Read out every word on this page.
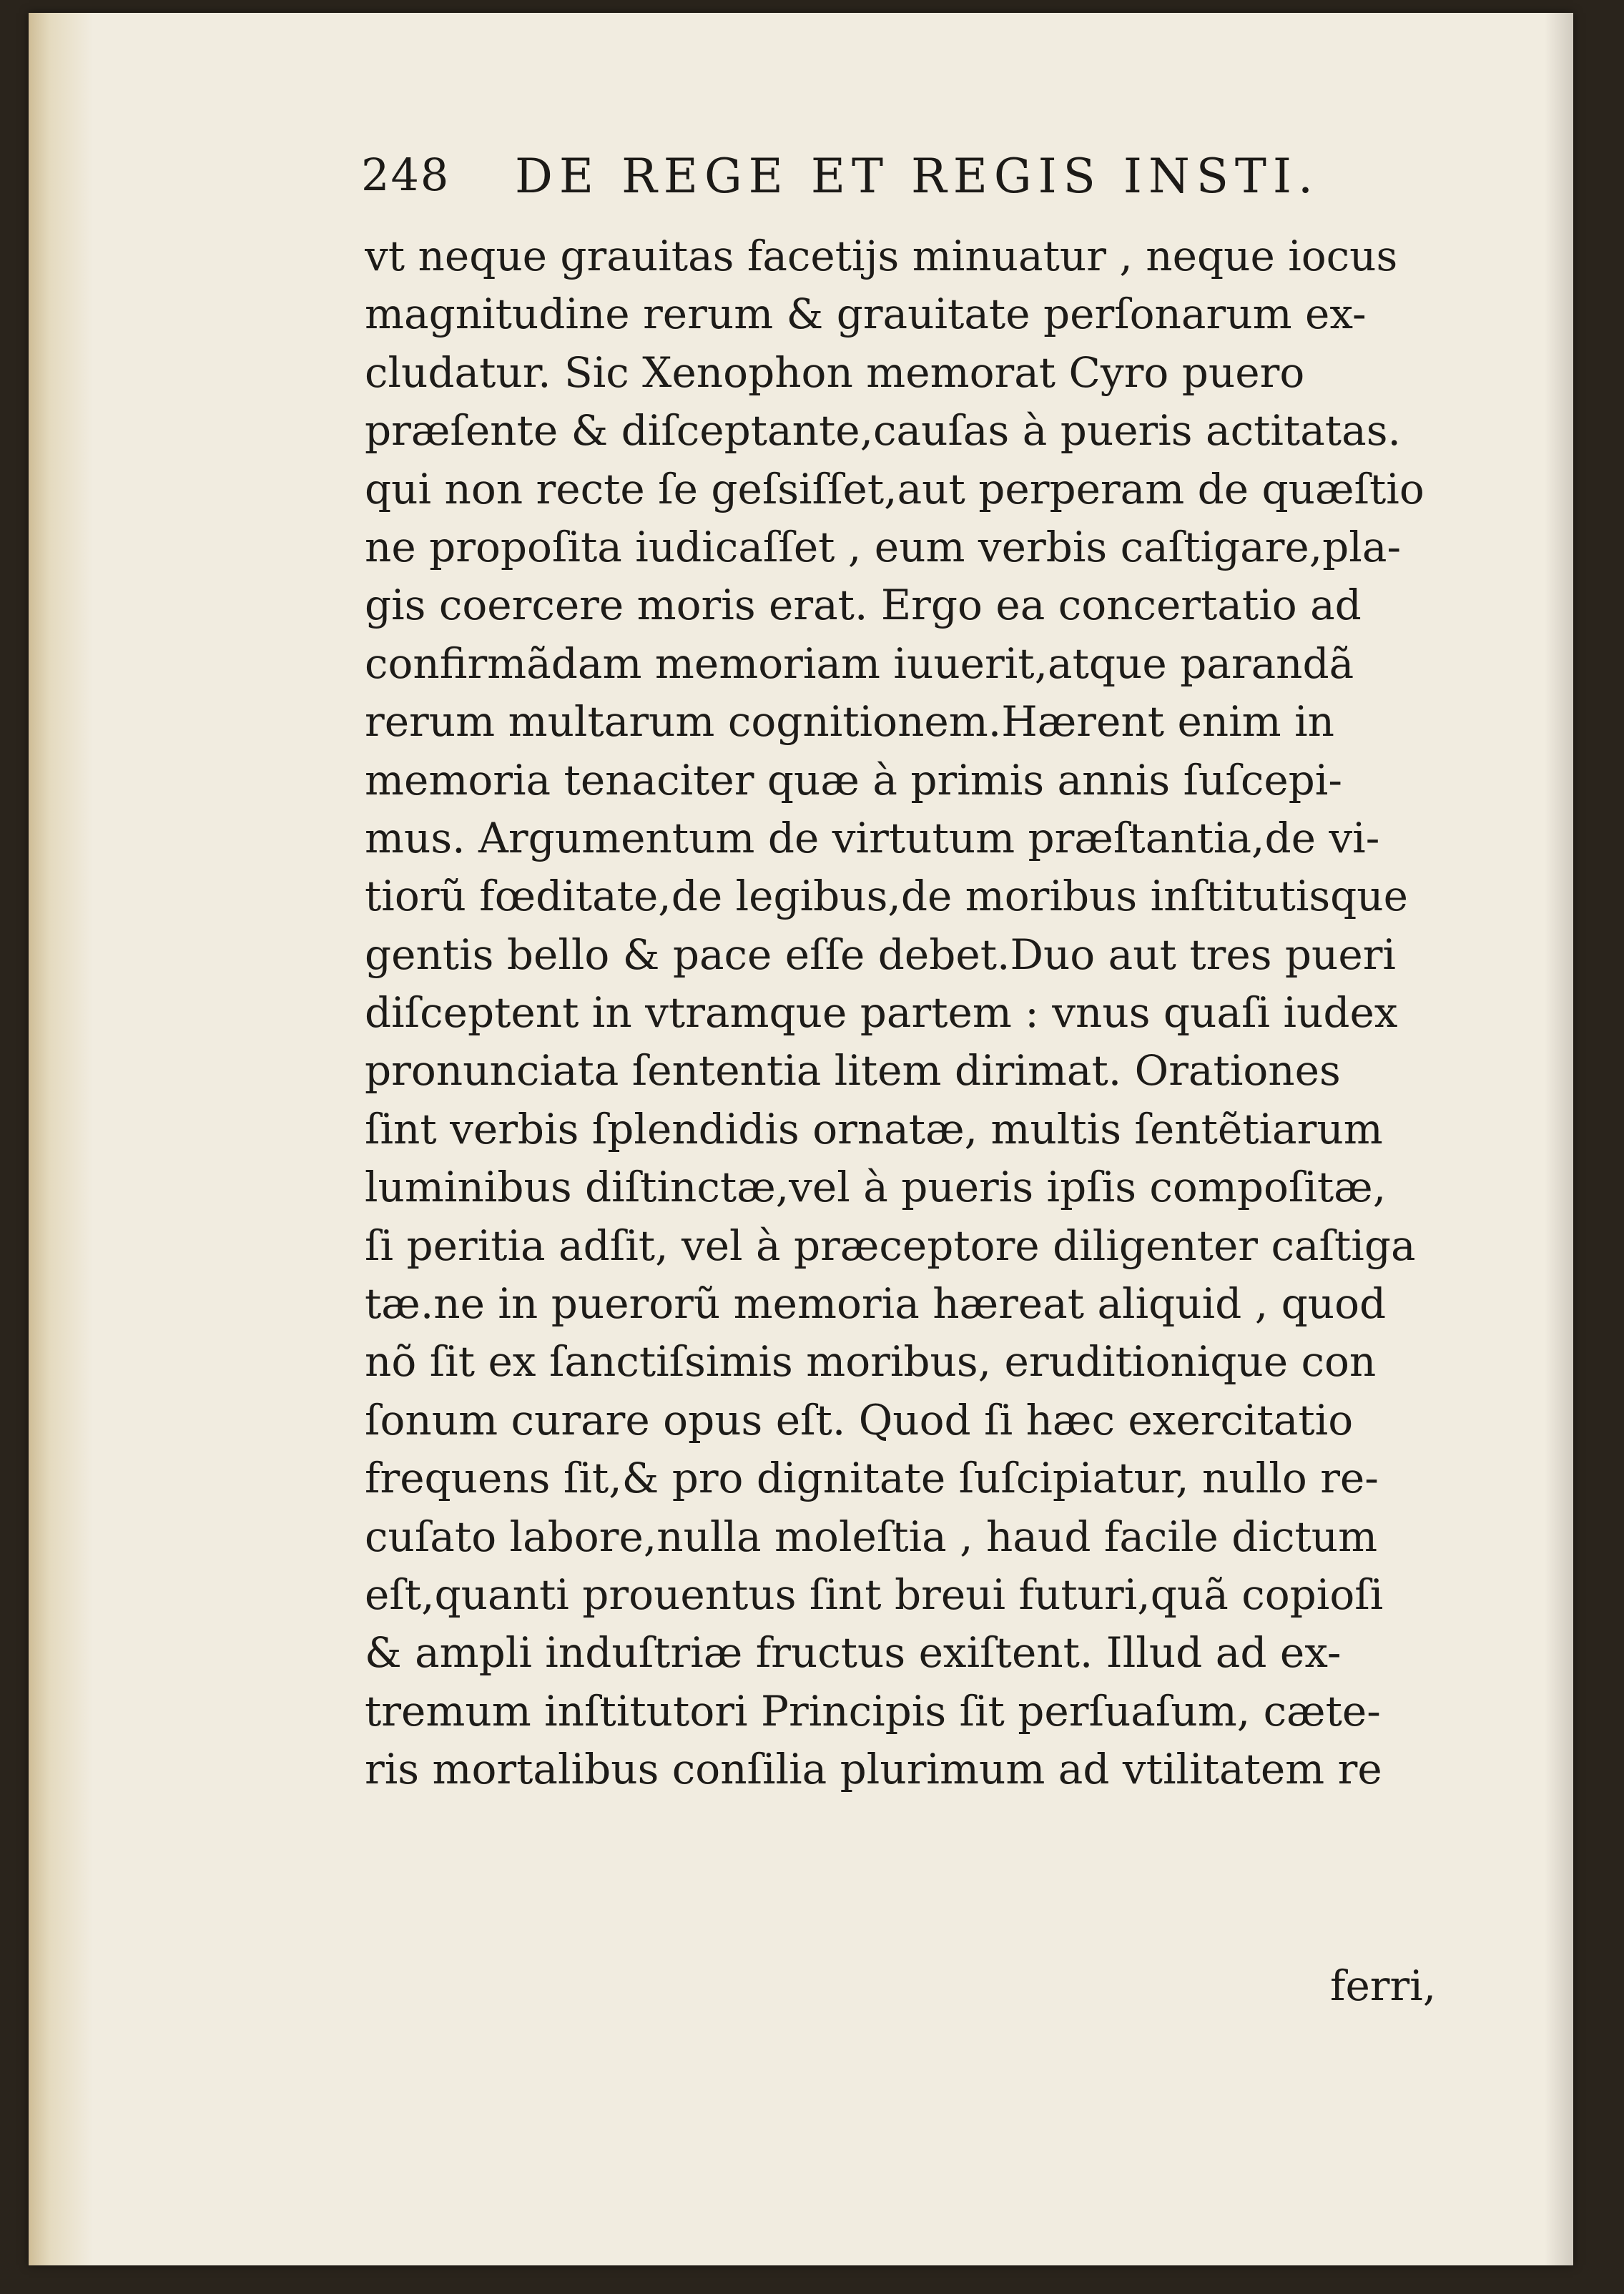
248 DE REGE ET REGIS INSTI.
vt neque grauitas facetijs minuatur , neque iocus
magnitudine rerum & grauitate perſonarum ex-
cludatur. Sic Xenophon memorat Cyro puero
præſente & diſceptante,cauſas à pueris actitatas.
qui non recte ſe geſsiſſet,aut perperam de quæſtio
ne propoſita iudicaſſet , eum verbis caſtigare,pla-
gis coercere moris erat. Ergo ea concertatio ad
confirmãdam memoriam iuuerit,atque parandã
rerum multarum cognitionem.Hærent enim in
memoria tenaciter quæ à primis annis ſuſcepi-
mus. Argumentum de virtutum præſtantia,de vi-
tiorũ fœditate,de legibus,de moribus inſtitutisque
gentis bello & pace eſſe debet.Duo aut tres pueri
diſceptent in vtramque partem : vnus quaſi iudex
pronunciata ſententia litem dirimat. Orationes
ſint verbis ſplendidis ornatæ, multis ſentẽtiarum
luminibus diſtinctæ,vel à pueris ipſis compoſitæ,
ſi peritia adſit, vel à præceptore diligenter caſtiga
tæ.ne in puerorũ memoria hæreat aliquid , quod
nõ ſit ex ſanctiſsimis moribus, eruditionique con
ſonum curare opus eſt. Quod ſi hæc exercitatio
frequens ſit,& pro dignitate ſuſcipiatur, nullo re-
cuſato labore,nulla moleſtia , haud facile dictum
eſt,quanti prouentus ſint breui futuri,quã copioſi
& ampli induſtriæ fructus exiſtent. Illud ad ex-
tremum inſtitutori Principis ſit perſuaſum, cæte-
ris mortalibus conſilia plurimum ad vtilitatem re
ferri,
